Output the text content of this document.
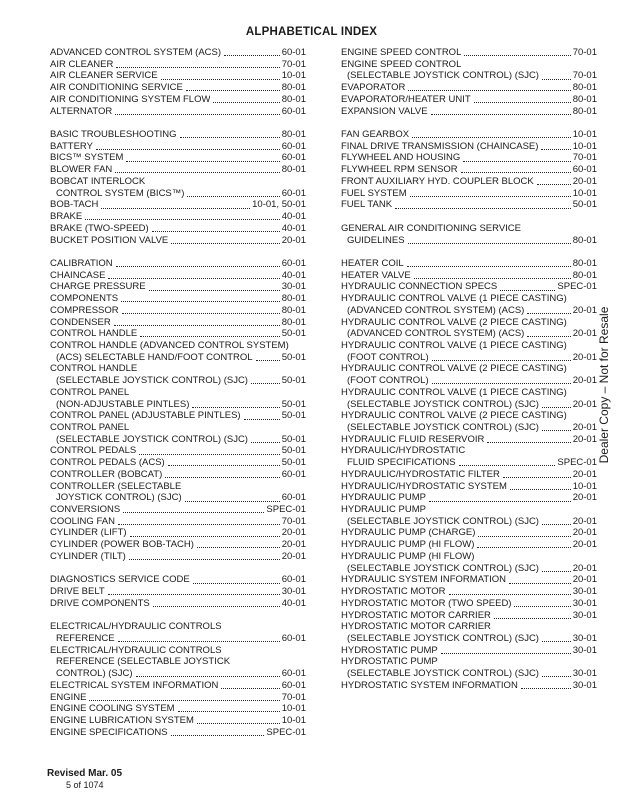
ALPHABETICAL INDEX
ADVANCED CONTROL SYSTEM (ACS)	60-01
AIR CLEANER	70-01
AIR CLEANER SERVICE	10-01
AIR CONDITIONING SERVICE	80-01
AIR CONDITIONING SYSTEM FLOW	80-01
ALTERNATOR	60-01
BASIC TROUBLESHOOTING	80-01
BATTERY	60-01
BICS™ SYSTEM	60-01
BLOWER FAN	80-01
BOBCAT INTERLOCK
CONTROL SYSTEM (BICS™)	60-01
BOB-TACH	10-01, 50-01
BRAKE	40-01
BRAKE (TWO-SPEED)	40-01
BUCKET POSITION VALVE	20-01
CALIBRATION	60-01
CHAINCASE	40-01
CHARGE PRESSURE	30-01
COMPONENTS	80-01
COMPRESSOR	80-01
CONDENSER	80-01
CONTROL HANDLE	50-01
CONTROL HANDLE (ADVANCED CONTROL SYSTEM)
(ACS) SELECTABLE HAND/FOOT CONTROL	50-01
CONTROL HANDLE
(SELECTABLE JOYSTICK CONTROL) (SJC)	50-01
CONTROL PANEL
(NON-ADJUSTABLE PINTLES)	50-01
CONTROL PANEL (ADJUSTABLE PINTLES)	50-01
CONTROL PANEL
(SELECTABLE JOYSTICK CONTROL) (SJC)	50-01
CONTROL PEDALS	50-01
CONTROL PEDALS (ACS)	50-01
CONTROLLER (BOBCAT)	60-01
CONTROLLER (SELECTABLE
JOYSTICK CONTROL) (SJC)	60-01
CONVERSIONS	SPEC-01
COOLING FAN	70-01
CYLINDER (LIFT)	20-01
CYLINDER (POWER BOB-TACH)	20-01
CYLINDER (TILT)	20-01
DIAGNOSTICS SERVICE CODE	60-01
DRIVE BELT	30-01
DRIVE COMPONENTS	40-01
ELECTRICAL/HYDRAULIC CONTROLS
REFERENCE	60-01
ELECTRICAL/HYDRAULIC CONTROLS
REFERENCE (SELECTABLE JOYSTICK
CONTROL) (SJC)	60-01
ELECTRICAL SYSTEM INFORMATION	60-01
ENGINE	70-01
ENGINE COOLING SYSTEM	10-01
ENGINE LUBRICATION SYSTEM	10-01
ENGINE SPECIFICATIONS	SPEC-01
ENGINE SPEED CONTROL	70-01
ENGINE SPEED CONTROL
(SELECTABLE JOYSTICK CONTROL) (SJC)	70-01
EVAPORATOR	80-01
EVAPORATOR/HEATER UNIT	80-01
EXPANSION VALVE	80-01
FAN GEARBOX	10-01
FINAL DRIVE TRANSMISSION (CHAINCASE)	10-01
FLYWHEEL AND HOUSING	70-01
FLYWHEEL RPM SENSOR	60-01
FRONT AUXILIARY HYD. COUPLER BLOCK	20-01
FUEL SYSTEM	10-01
FUEL TANK	50-01
GENERAL AIR CONDITIONING SERVICE
GUIDELINES	80-01
HEATER COIL	80-01
HEATER VALVE	80-01
HYDRAULIC CONNECTION SPECS	SPEC-01
HYDRAULIC CONTROL VALVE (1 PIECE CASTING)
(ADVANCED CONTROL SYSTEM) (ACS)	20-01
HYDRAULIC CONTROL VALVE (2 PIECE CASTING)
(ADVANCED CONTROL SYSTEM) (ACS)	20-01
HYDRAULIC CONTROL VALVE (1 PIECE CASTING)
(FOOT CONTROL)	20-01
HYDRAULIC CONTROL VALVE (2 PIECE CASTING)
(FOOT CONTROL)	20-01
HYDRAULIC CONTROL VALVE (1 PIECE CASTING)
(SELECTABLE JOYSTICK CONTROL) (SJC)	20-01
HYDRAULIC CONTROL VALVE (2 PIECE CASTING)
(SELECTABLE JOYSTICK CONTROL) (SJC)	20-01
HYDRAULIC FLUID RESERVOIR	20-01
HYDRAULIC/HYDROSTATIC
FLUID SPECIFICATIONS	SPEC-01
HYDRAULIC/HYDROSTATIC FILTER	20-01
HYDRAULIC/HYDROSTATIC SYSTEM	10-01
HYDRAULIC PUMP	20-01
HYDRAULIC PUMP
(SELECTABLE JOYSTICK CONTROL) (SJC)	20-01
HYDRAULIC PUMP (CHARGE)	20-01
HYDRAULIC PUMP (HI FLOW)	20-01
HYDRAULIC PUMP (HI FLOW)
(SELECTABLE JOYSTICK CONTROL) (SJC)	20-01
HYDRAULIC SYSTEM INFORMATION	20-01
HYDROSTATIC MOTOR	30-01
HYDROSTATIC MOTOR (TWO SPEED)	30-01
HYDROSTATIC MOTOR CARRIER	30-01
HYDROSTATIC MOTOR CARRIER
(SELECTABLE JOYSTICK CONTROL) (SJC)	30-01
HYDROSTATIC PUMP	30-01
HYDROSTATIC PUMP
(SELECTABLE JOYSTICK CONTROL) (SJC)	30-01
HYDROSTATIC SYSTEM INFORMATION	30-01
Dealer Copy – Not for Resale
Revised Mar. 05
5 of 1074
